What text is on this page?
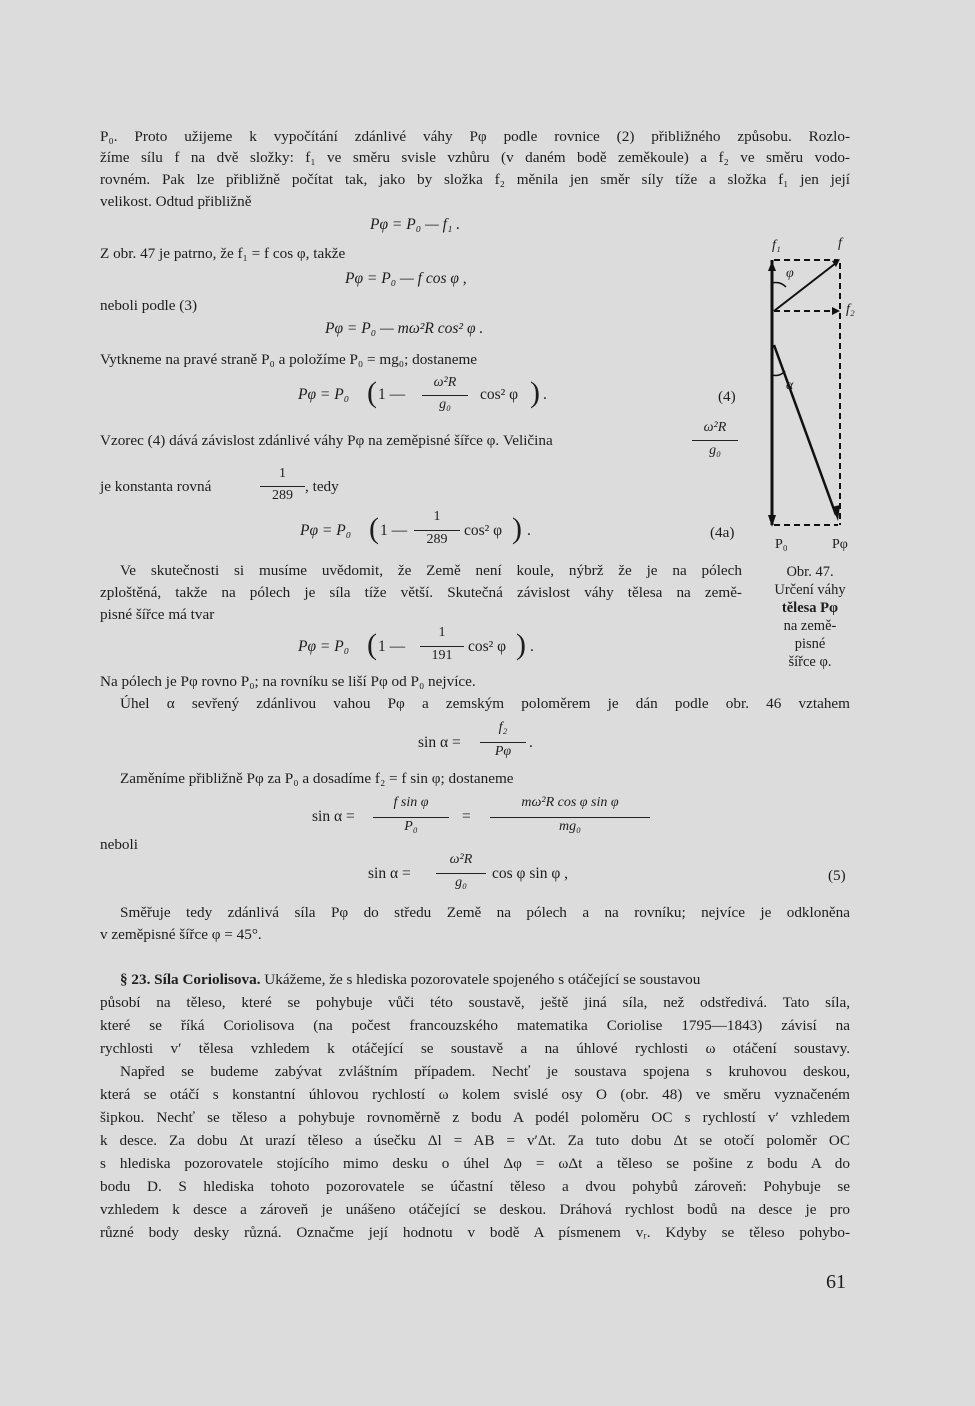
P₀. Proto užijeme k vypočítání zdánlivé váhy Pφ podle rovnice (2) přibližného způsobu. Rozlo-
žíme sílu f na dvě složky: f₁ ve směru svisle vzhůru (v daném bodě zeměkoule) a f₂ ve směru vodo-
rovném. Pak lze přibližně počítat tak, jako by složka f₂ měnila jen směr síly tíže a složka f₁ jen její
velikost. Odtud přibližně
Pφ = P₀ — f₁ .
Z obr. 47 je patrno, že f₁ = f cos φ, takže
Pφ = P₀ — f cos φ ,
neboli podle (3)
Pφ = P₀ — mω²R cos² φ .
Vytkneme na pravé straně P₀ a položíme P₀ = mg₀; dostaneme
Pφ = P₀ ( 1 —
ω²R
g₀
cos² φ ) .	(4)
Vzorec (4) dává závislost zdánlivé váhy Pφ na zeměpisné šířce φ. Veličina
ω²R
g₀
je konstanta rovná
1
289
, tedy
Pφ = P₀ ( 1 —
1
289
cos² φ ) .	(4a)
Ve skutečnosti si musíme uvědomit, že Země není koule, nýbrž že je na pólech
zploštěná, takže na pólech je síla tíže větší. Skutečná závislost váhy tělesa na země-
pisné šířce má tvar
Pφ = P₀ ( 1 —
1
191
cos² φ ) .
Na pólech je Pφ rovno P₀; na rovníku se liší Pφ od P₀ nejvíce.
Úhel α sevřený zdánlivou vahou Pφ a zemským poloměrem je dán podle obr. 46 vztahem
sin α =
f₂
Pφ
.
Zaměníme přibližně Pφ za P₀ a dosadíme f₂ = f sin φ; dostaneme
sin α =
f sin φ
P₀
=
mω²R cos φ sin φ
mg₀
neboli
sin α =
ω²R
g₀
cos φ sin φ ,	(5)
Směřuje tedy zdánlivá síla Pφ do středu Země na pólech a na rovníku; nejvíce je odkloněna
v zeměpisné šířce φ = 45°.
§ 23. Síla Coriolisova. Ukážeme, že s hlediska pozorovatele spojeného s otáčející se soustavou
působí na těleso, které se pohybuje vůči této soustavě, ještě jiná síla, než odstředivá. Tato síla,
které se říká Coriolisova (na počest francouzského matematika Coriolise 1795—1843) závisí na
rychlosti v′ tělesa vzhledem k otáčející se soustavě a na úhlové rychlosti ω otáčení soustavy.
Napřed se budeme zabývat zvláštním případem. Nechť je soustava spojena s kruhovou deskou,
která se otáčí s konstantní úhlovou rychlostí ω kolem svislé osy O (obr. 48) ve směru vyznačeném
šipkou. Nechť se těleso a pohybuje rovnoměrně z bodu A podél poloměru OC s rychlostí v′ vzhledem
k desce. Za dobu Δt urazí těleso a úsečku Δl = AB = v′Δt. Za tuto dobu Δt se otočí poloměr OC
s hlediska pozorovatele stojícího mimo desku o úhel Δφ = ωΔt a těleso se pošine z bodu A do
bodu D. S hlediska tohoto pozorovatele se účastní těleso a dvou pohybů zároveň: Pohybuje se
vzhledem k desce a zároveň je unášeno otáčející se deskou. Dráhová rychlost bodů na desce je pro
různé body desky různá. Označme její hodnotu v bodě A písmenem vᵣ. Kdyby se těleso pohybo-
f₁	f
f₂
φ
α
P₀	Pφ
Obr. 47.
Určení váhy
tělesa Pφ
na země-
pisné
šířce φ.
61
